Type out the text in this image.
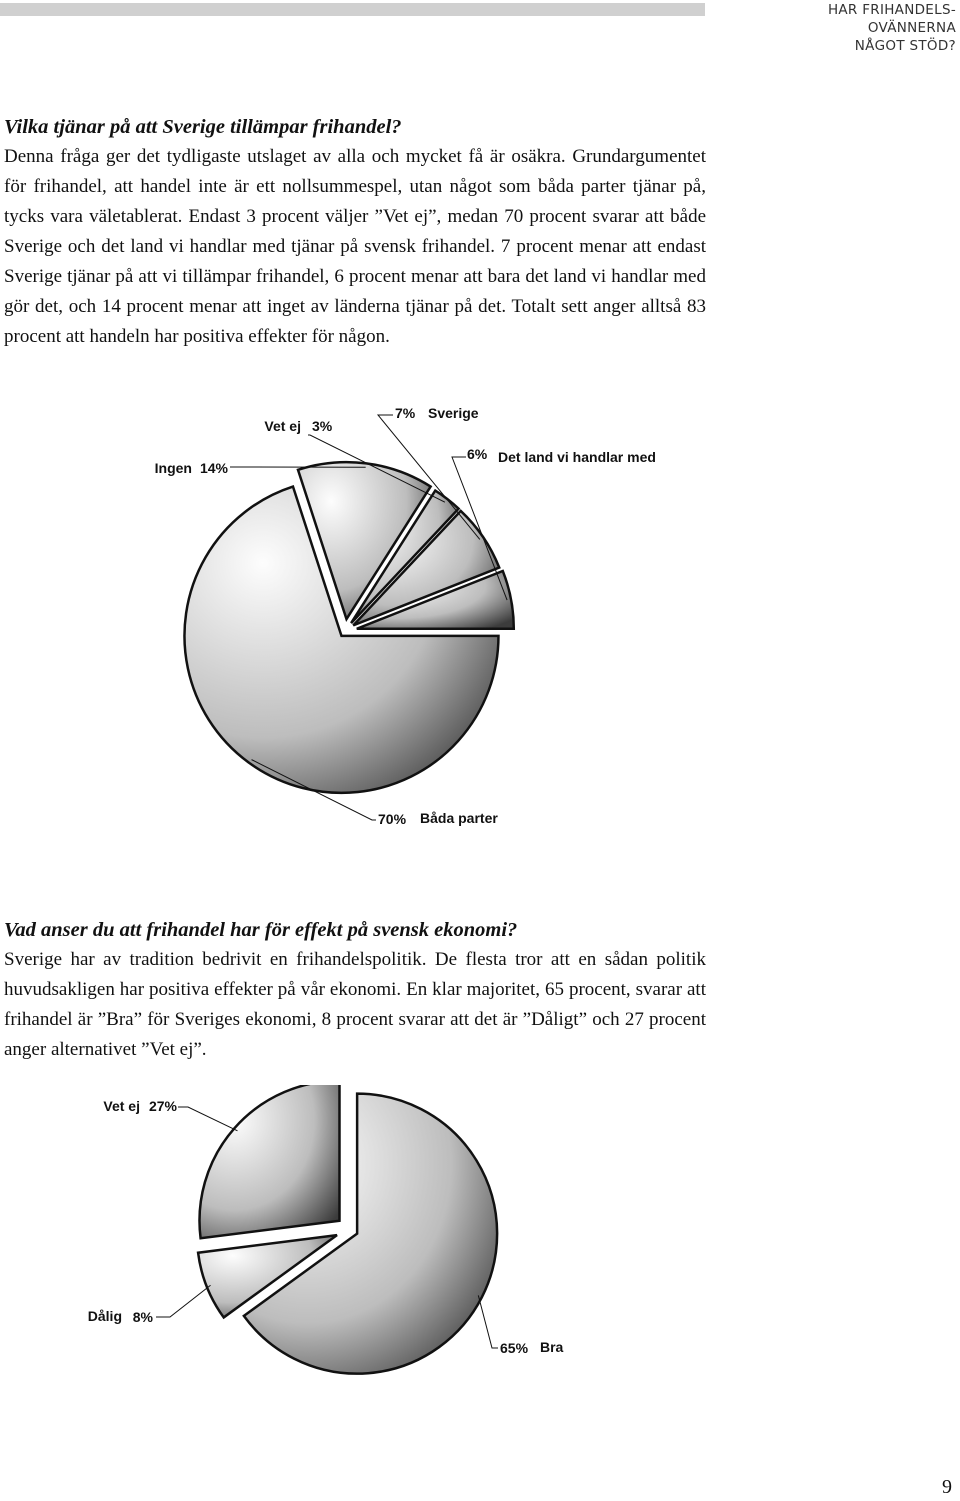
HAR FRIHANDELS-
OVÄNNERNA
NÅGOT STÖD?

Vilka tjänar på att Sverige tillämpar frihandel?

Denna fråga ger det tydligaste utslaget av alla och mycket få är osäkra. Grundargumentet för frihandel, att handel inte är ett nollsummespel, utan något som båda parter tjänar på, tycks vara väletablerat. Endast 3 procent väljer ”Vet ej”, medan 70 procent svarar att både Sverige och det land vi handlar med tjänar på svensk frihandel. 7 procent menar att endast Sverige tjänar på att vi tillämpar frihandel, 6 procent menar att bara det land vi handlar med gör det, och 14 procent menar att inget av länderna tjänar på det. Totalt sett anger alltså 83 procent att handeln har positiva effekter för någon.

70% Båda parter
14%
Ingen
3%
Vet ej
7% Sverige
6% Det land vi handlar med

Vad anser du att frihandel har för effekt på svensk ekonomi?

Sverige har av tradition bedrivit en frihandelspolitik. De flesta tror att en sådan politik huvudsakligen har positiva effekter på vår ekonomi. En klar majoritet, 65 procent, svarar att frihandel är ”Bra” för Sveriges ekonomi, 8 procent svarar att det är ”Dåligt” och 27 procent anger alternativet ”Vet ej”.

65% Bra
8%
Dålig
27%
Vet ej
9
